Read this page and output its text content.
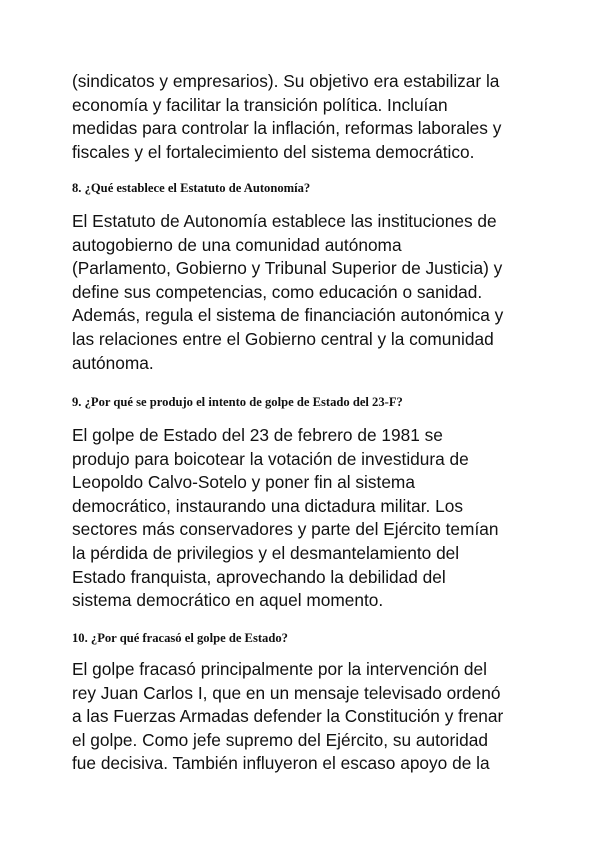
(sindicatos y empresarios). Su objetivo era estabilizar la
economía y facilitar la transición política. Incluían
medidas para controlar la inflación, reformas laborales y
fiscales y el fortalecimiento del sistema democrático.

8. ¿Qué establece el Estatuto de Autonomía?

El Estatuto de Autonomía establece las instituciones de
autogobierno de una comunidad autónoma
(Parlamento, Gobierno y Tribunal Superior de Justicia) y
define sus competencias, como educación o sanidad.
Además, regula el sistema de financiación autonómica y
las relaciones entre el Gobierno central y la comunidad
autónoma.

9. ¿Por qué se produjo el intento de golpe de Estado del 23-F?

El golpe de Estado del 23 de febrero de 1981 se
produjo para boicotear la votación de investidura de
Leopoldo Calvo-Sotelo y poner fin al sistema
democrático, instaurando una dictadura militar. Los
sectores más conservadores y parte del Ejército temían
la pérdida de privilegios y el desmantelamiento del
Estado franquista, aprovechando la debilidad del
sistema democrático en aquel momento.

10. ¿Por qué fracasó el golpe de Estado?

El golpe fracasó principalmente por la intervención del
rey Juan Carlos I, que en un mensaje televisado ordenó
a las Fuerzas Armadas defender la Constitución y frenar
el golpe. Como jefe supremo del Ejército, su autoridad
fue decisiva. También influyeron el escaso apoyo de la
